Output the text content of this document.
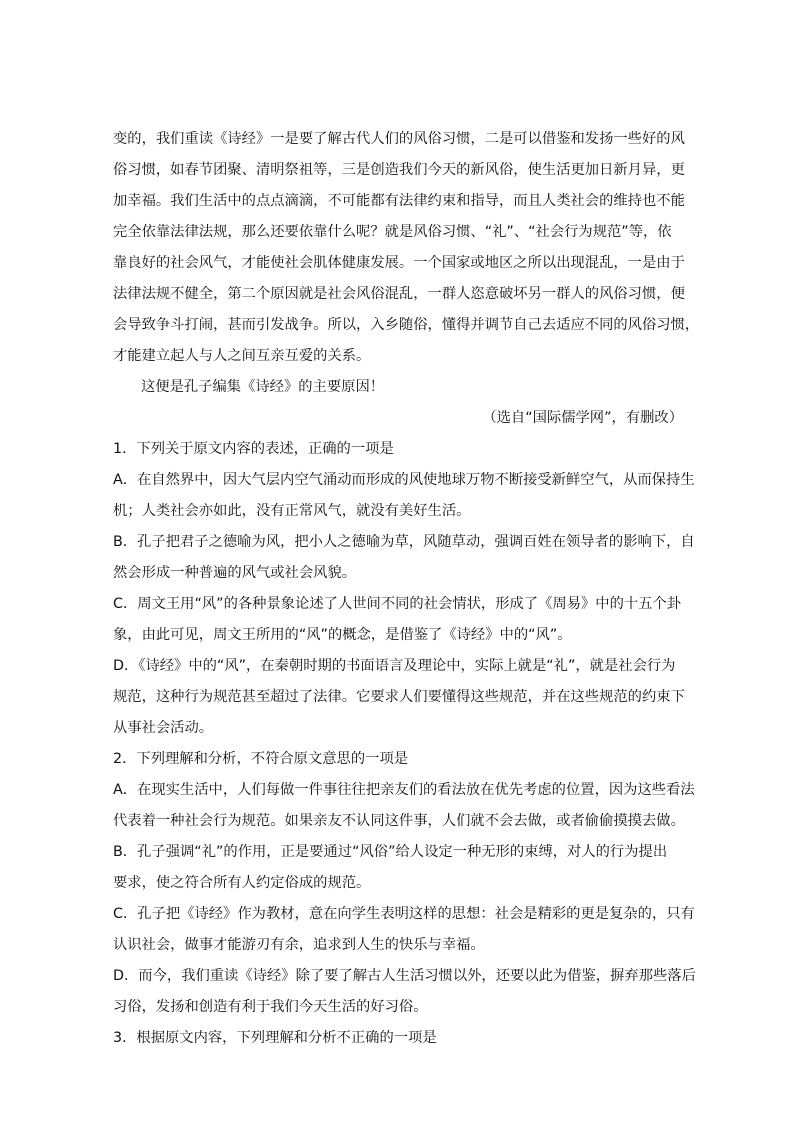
变的，我们重读《诗经》一是要了解古代人们的风俗习惯，二是可以借鉴和发扬一些好的风
俗习惯，如春节团聚、清明祭祖等，三是创造我们今天的新风俗，使生活更加日新月异，更
加幸福。我们生活中的点点滴滴，不可能都有法律约束和指导，而且人类社会的维持也不能
完全依靠法律法规，那么还要依靠什么呢？就是风俗习惯、“礼”、“社会行为规范”等，依
靠良好的社会风气，才能使社会肌体健康发展。一个国家或地区之所以出现混乱，一是由于
法律法规不健全，第二个原因就是社会风俗混乱，一群人恣意破坏另一群人的风俗习惯，便
会导致争斗打闹，甚而引发战争。所以，入乡随俗，懂得并调节自己去适应不同的风俗习惯，
才能建立起人与人之间互亲互爱的关系。
这便是孔子编集《诗经》的主要原因！
（选自“国际儒学网”，有删改）
1．下列关于原文内容的表述，正确的一项是
A．在自然界中，因大气层内空气涌动而形成的风使地球万物不断接受新鲜空气，从而保持生
机；人类社会亦如此，没有正常风气，就没有美好生活。
B．孔子把君子之德喻为风，把小人之德喻为草，风随草动，强调百姓在领导者的影响下，自
然会形成一种普遍的风气或社会风貌。
C．周文王用“风”的各种景象论述了人世间不同的社会情状，形成了《周易》中的十五个卦
象，由此可见，周文王所用的“风”的概念，是借鉴了《诗经》中的“风”。
D．《诗经》中的“风”，在秦朝时期的书面语言及理论中，实际上就是“礼”，就是社会行为
规范，这种行为规范甚至超过了法律。它要求人们要懂得这些规范，并在这些规范的约束下
从事社会活动。
2．下列理解和分析，不符合原文意思的一项是
A．在现实生活中，人们每做一件事往往把亲友们的看法放在优先考虑的位置，因为这些看法
代表着一种社会行为规范。如果亲友不认同这件事，人们就不会去做，或者偷偷摸摸去做。
B．孔子强调“礼”的作用，正是要通过“风俗”给人设定一种无形的束缚，对人的行为提出
要求，使之符合所有人约定俗成的规范。
C．孔子把《诗经》作为教材，意在向学生表明这样的思想：社会是精彩的更是复杂的，只有
认识社会，做事才能游刃有余，追求到人生的快乐与幸福。
D．而今，我们重读《诗经》除了要了解古人生活习惯以外，还要以此为借鉴，摒弃那些落后
习俗，发扬和创造有利于我们今天生活的好习俗。
3．根据原文内容，下列理解和分析不正确的一项是
